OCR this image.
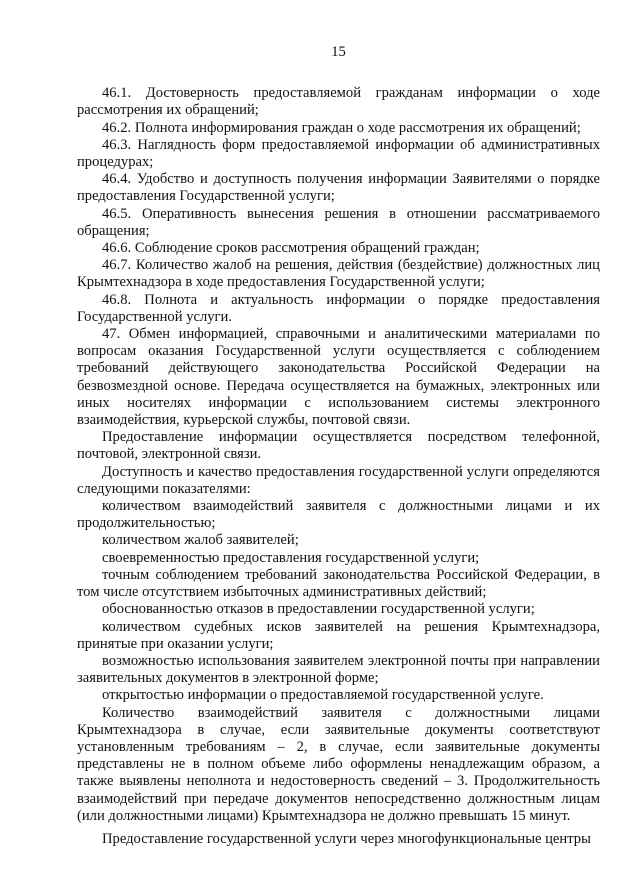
15

46.1. Достоверность предоставляемой гражданам информации о ходе рассмотрения их обращений;

46.2. Полнота информирования граждан о ходе рассмотрения их обращений;

46.3. Наглядность форм предоставляемой информации об административных процедурах;

46.4. Удобство и доступность получения информации Заявителями о порядке предоставления Государственной услуги;

46.5. Оперативность вынесения решения в отношении рассматриваемого обращения;

46.6. Соблюдение сроков рассмотрения обращений граждан;

46.7. Количество жалоб на решения, действия (бездействие) должностных лиц Крымтехнадзора в ходе предоставления Государственной услуги;

46.8. Полнота и актуальность информации о порядке предоставления Государственной услуги.

47. Обмен информацией, справочными и аналитическими материалами по вопросам оказания Государственной услуги осуществляется с соблюдением требований действующего законодательства Российской Федерации на безвозмездной основе. Передача осуществляется на бумажных, электронных или иных носителях информации с использованием системы электронного взаимодействия, курьерской службы, почтовой связи.

Предоставление информации осуществляется посредством телефонной, почтовой, электронной связи.

Доступность и качество предоставления государственной услуги определяются следующими показателями:

количеством взаимодействий заявителя с должностными лицами и их продолжительностью;

количеством жалоб заявителей;

своевременностью предоставления государственной услуги;

точным соблюдением требований законодательства Российской Федерации, в том числе отсутствием избыточных административных действий;

обоснованностью отказов в предоставлении государственной услуги;

количеством судебных исков заявителей на решения Крымтехнадзора, принятые при оказании услуги;

возможностью использования заявителем электронной почты при направлении заявительных документов в электронной форме;

открытостью информации о предоставляемой государственной услуге.

Количество взаимодействий заявителя с должностными лицами Крымтехнадзора в случае, если заявительные документы соответствуют установленным требованиям – 2, в случае, если заявительные документы представлены не в полном объеме либо оформлены ненадлежащим образом, а также выявлены неполнота и недостоверность сведений – 3. Продолжительность взаимодействий при передаче документов непосредственно должностным лицам (или должностными лицами) Крымтехнадзора не должно превышать 15 минут.

Предоставление государственной услуги через многофункциональные центры
